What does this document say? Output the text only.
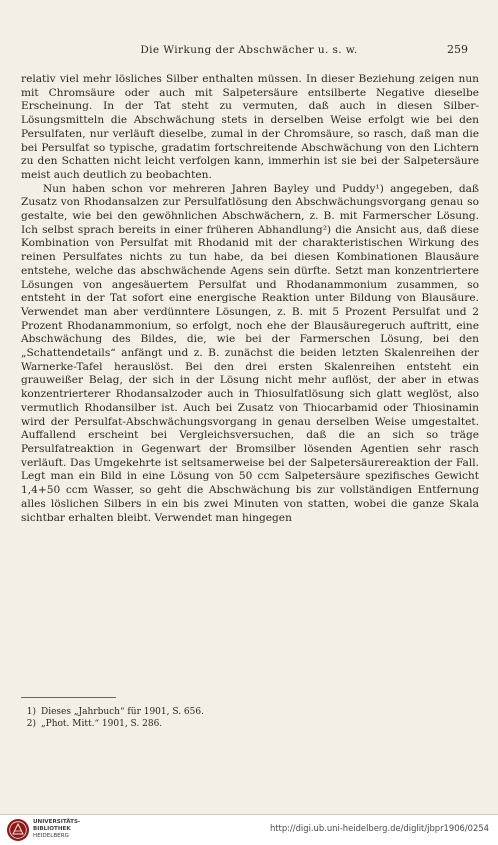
Die Wirkung der Abschwächer u. s. w.	259

relativ viel mehr lösliches Silber enthalten müssen. In dieser Beziehung zeigen nun mit Chromsäure oder auch mit Salpetersäure entsilberte Negative dieselbe Erscheinung. In der Tat steht zu vermuten, daß auch in diesen Silber-Lösungsmitteln die Abschwächung stets in derselben Weise erfolgt wie bei den Persulfaten, nur verläuft dieselbe, zumal in der Chromsäure, so rasch, daß man die bei Persulfat so typische, gradatim fortschreitende Abschwächung von den Lichtern zu den Schatten nicht leicht verfolgen kann, immerhin ist sie bei der Salpetersäure meist auch deutlich zu beobachten.

Nun haben schon vor mehreren Jahren Bayley und Puddy¹) angegeben, daß Zusatz von Rhodansalzen zur Persulfatlösung den Abschwächungsvorgang genau so gestalte, wie bei den gewöhnlichen Abschwächern, z. B. mit Farmerscher Lösung. Ich selbst sprach bereits in einer früheren Abhandlung²) die Ansicht aus, daß diese Kombination von Persulfat mit Rhodanid mit der charakteristischen Wirkung des reinen Persulfates nichts zu tun habe, da bei diesen Kombinationen Blausäure entstehe, welche das abschwächende Agens sein dürfte. Setzt man konzentriertere Lösungen von angesäuertem Persulfat und Rhodanammonium zusammen, so entsteht in der Tat sofort eine energische Reaktion unter Bildung von Blausäure. Verwendet man aber verdünntere Lösungen, z. B. mit 5 Prozent Persulfat und 2 Prozent Rhodanammonium, so erfolgt, noch ehe der Blausäuregeruch auftritt, eine Abschwächung des Bildes, die, wie bei der Farmerschen Lösung, bei den „Schattendetails“ anfängt und z. B. zunächst die beiden letzten Skalenreihen der Warnerke-Tafel herauslöst. Bei den drei ersten Skalenreihen entsteht ein grauweißer Belag, der sich in der Lösung nicht mehr auflöst, der aber in etwas konzentrierterer Rhodansalzoder auch in Thiosulfatlösung sich glatt weglöst, also vermutlich Rhodansilber ist. Auch bei Zusatz von Thiocarbamid oder Thiosinamin wird der Persulfat-Abschwächungsvorgang in genau derselben Weise umgestaltet. Auffallend erscheint bei Vergleichsversuchen, daß die an sich so träge Persulfatreaktion in Gegenwart der Bromsilber lösenden Agentien sehr rasch verläuft. Das Umgekehrte ist seltsamerweise bei der Salpetersäurereaktion der Fall. Legt man ein Bild in eine Lösung von 50 ccm Salpetersäure spezifisches Gewicht 1,4+50 ccm Wasser, so geht die Abschwächung bis zur vollständigen Entfernung alles löslichen Silbers in ein bis zwei Minuten von statten, wobei die ganze Skala sichtbar erhalten bleibt. Verwendet man hingegen

1) Dieses „Jahrbuch“ für 1901, S. 656.

2) „Phot. Mitt.“ 1901, S. 286.

UNIVERSITÄTS-
BIBLIOTHEK
HEIDELBERG
http://digi.ub.uni-heidelberg.de/diglit/jbpr1906/0254
